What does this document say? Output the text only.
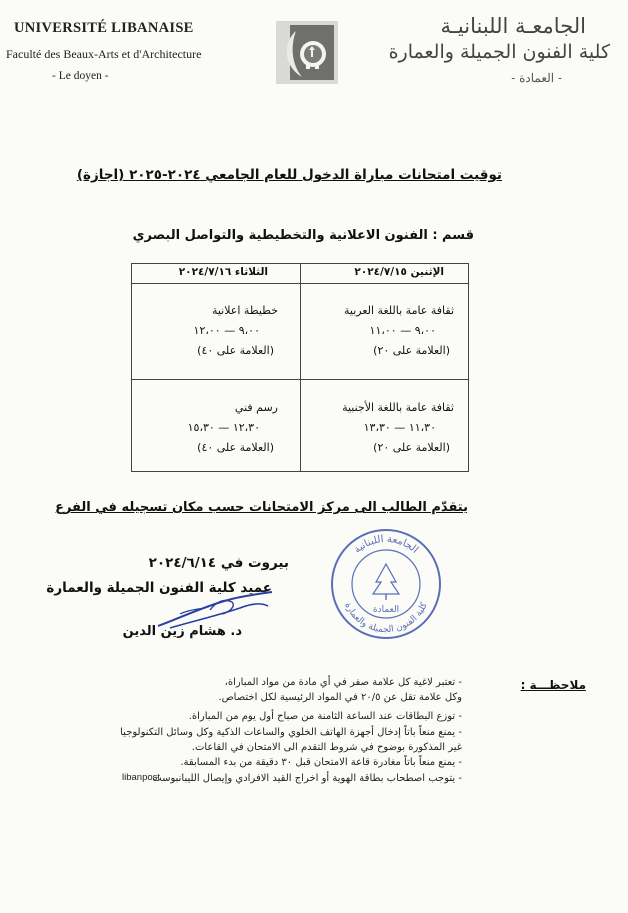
UNIVERSITÉ LIBANAISE
Faculté des Beaux-Arts et d'Architecture
- Le doyen -
الجامعـة اللبنانيـة
كلية الفنون الجميلة والعمارة
- العمادة -
توقيت امتحانات مباراة الدخول للعام الجامعي ٢٠٢٤-٢٠٢٥ (اجازة)
قسم : الفنون الاعلانية والتخطيطية والتواصل البصري
الإثنين ٢٠٢٤/٧/١٥
الثلاثاء ٢٠٢٤/٧/١٦
ثقافة عامة باللغة العربية
٩،٠٠ — ١١،٠٠
(العلامة على ٢٠)
خطيطة اعلانية
٩،٠٠ — ١٢،٠٠
(العلامة على ٤٠)
ثقافة عامة باللغة الأجنبية
١١،٣٠ — ١٣،٣٠
(العلامة على ٢٠)
رسم فني
١٢،٣٠ — ١٥،٣٠
(العلامة على ٤٠)
يتقدّم الطالب الى مركز الامتحانات حسب مكان تسجيله في الفرع
الجامعة اللبنانية
كلية الفنون الجميلة والعمارة
العمادة
بيروت في ٢٠٢٤/٦/١٤
عميد كلية الفنون الجميلة والعمارة
د. هشام زين الدين
ملاحظـــة :
- تعتبر لاغية كل علامة صفر في أي مادة من مواد المباراة،
وكل علامة تقل عن ٢٠/٥ في المواد الرئيسية لكل اختصاص.
- توزع البطاقات عند الساعة الثامنة من صباح أول يوم من المباراة.
- يمنع منعاً باتاً إدخال أجهزة الهاتف الخلوي والساعات الذكية وكل وسائل التكنولوجيا
غير المذكورة بوضوح في شروط التقدم الى الامتحان في القاعات.
- يمنع منعاً باتاً مغادرة قاعة الامتحان قبل ٣٠ دقيقة من بدء المسابقة.
- يتوجب اصطحاب بطاقة الهوية أو اخراج القيد الافرادي وإيصال الليبانبوست
libanpost
